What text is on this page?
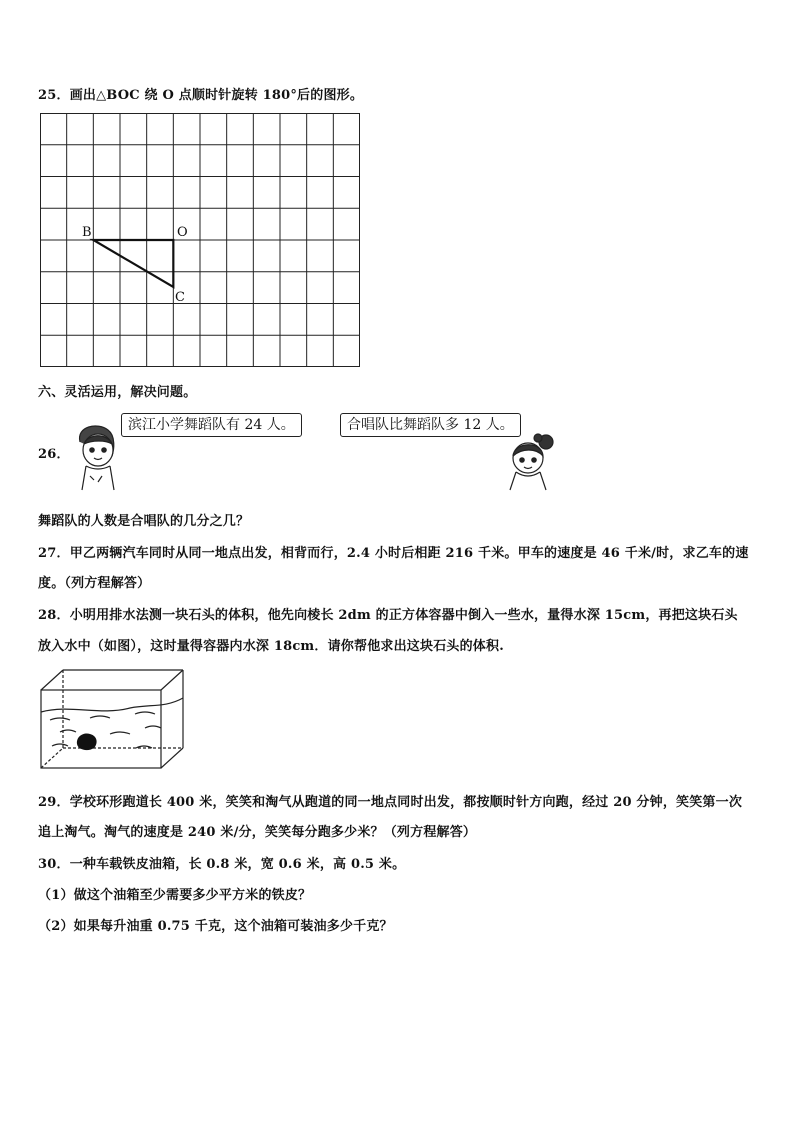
25．画出△BOC 绕 O 点顺时针旋转 180°后的图形。
B	O
C
六、灵活运用，解决问题。
26．
滨江小学舞蹈队有 24 人。	合唱队比舞蹈队多 12 人。
舞蹈队的人数是合唱队的几分之几？
27．甲乙两辆汽车同时从同一地点出发，相背而行，2.4 小时后相距 216 千米。甲车的速度是 46 千米/时，求乙车的速
度。（列方程解答）
28．小明用排水法测一块石头的体积，他先向棱长 2dm 的正方体容器中倒入一些水，量得水深 15cm，再把这块石头
放入水中（如图），这时量得容器内水深 18cm．请你帮他求出这块石头的体积.
29．学校环形跑道长 400 米，笑笑和淘气从跑道的同一地点同时出发，都按顺时针方向跑，经过 20 分钟，笑笑第一次
追上淘气。淘气的速度是 240 米/分，笑笑每分跑多少米？（列方程解答）
30．一种车载铁皮油箱，长 0.8 米，宽 0.6 米，高 0.5 米。
（1）做这个油箱至少需要多少平方米的铁皮？
（2）如果每升油重 0.75 千克，这个油箱可装油多少千克？
